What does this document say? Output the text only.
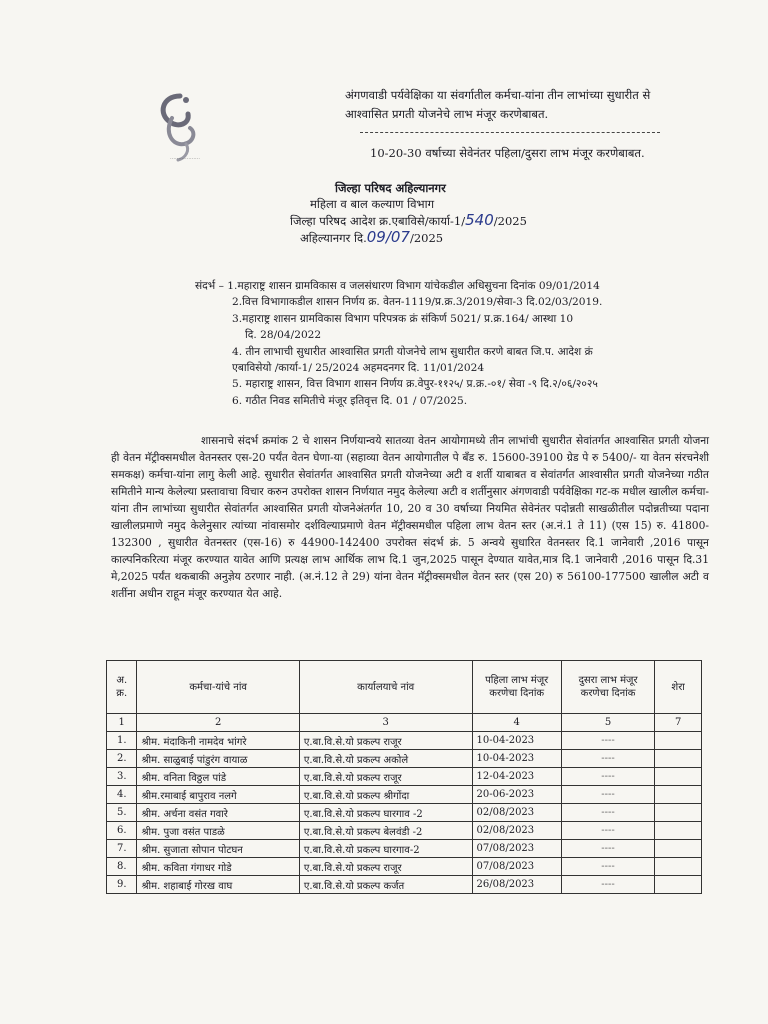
⋯⋯⋯⋯⋯⋯
अंगणवाडी पर्यवेक्षिका या संवर्गातील कर्मचा-यांना तीन लाभांच्या सुधारीत से
आश्वासित प्रगती योजनेचे लाभ मंजूर करणेबाबत.
10-20-30 वर्षाच्या सेवेनंतर पहिला/दुसरा लाभ मंजूर करणेबाबत.
जिल्हा परिषद अहिल्यानगर
महिला व बाल कल्याण विभाग
जिल्हा परिषद आदेश क्र.एबाविसे/कार्या-1/540/2025
अहिल्यानगर दि.09/07/2025
संदर्भ – 1.महाराष्ट्र शासन ग्रामविकास व जलसंधारण विभाग यांचेकडील अधिसुचना दिनांक 09/01/2014
2.वित्त विभागाकडील शासन निर्णय क्र. वेतन-1119/प्र.क्र.3/2019/सेवा-3 दि.02/03/2019.
3.महाराष्ट्र शासन ग्रामविकास विभाग परिपत्रक क्रं संकिर्ण 5021/ प्र.क्र.164/ आस्था 10
दि. 28/04/2022
4. तीन लाभाची सुधारीत आश्वासित प्रगती योजनेचे लाभ सुधारीत करणे बाबत जि.प. आदेश क्रं
एबाविसेयो /कार्या-1/ 25/2024 अहमदनगर दि. 11/01/2024
5. महाराष्ट्र शासन, वित्त विभाग शासन निर्णय क्र.वेपुर-११२५/ प्र.क्र.-०१/ सेवा -९ दि.२/०६/२०२५
6. गठीत निवड समितीचे मंजूर इतिवृत्त दि. 01 / 07/2025.
शासनाचे संदर्भ क्रमांक 2 चे शासन निर्णयान्वये सातव्या वेतन आयोगामध्ये तीन लाभांची सुधारीत सेवांतर्गत आश्वासित प्रगती योजना ही वेतन मॅट्रीक्समधील वेतनस्तर एस-20 पर्यंत वेतन घेणा-या (सहाव्या वेतन आयोगातील पे बँड रु. 15600-39100 ग्रेड पे रु 5400/- या वेतन संरचनेशी समकक्ष) कर्मचा-यांना लागु केली आहे. सुधारीत सेवांतर्गत आश्वासित प्रगती योजनेच्या अटी व शर्ती याबाबत व सेवांतर्गत आश्वासीत प्रगती योजनेच्या गठीत समितीने मान्य केलेल्या प्रस्तावाचा विचार करुन उपरोक्त शासन निर्णयात नमुद केलेल्या अटी व शर्तीनुसार अंगणवाडी पर्यवेक्षिका गट-क मधील खालील कर्मचा-यांना तीन लाभांच्या सुधारीत सेवांतर्गत आश्वासित प्रगती योजनेअंतर्गत 10, 20 व 30 वर्षाच्या नियमित सेवेनंतर पदोन्नती साखळीतील पदोन्नतीच्या पदाना खालीलप्रमाणे नमुद केलेनुसार त्यांच्या नांवासमोर दर्शविल्याप्रमाणे वेतन मॅट्रीक्समधील पहिला लाभ वेतन स्तर (अ.नं.1 ते 11) (एस 15) रु. 41800-132300 , सुधारीत वेतनस्तर (एस-16) रु 44900-142400 उपरोक्त संदर्भ क्रं. 5 अन्वये सुधारित वेतनस्तर दि.1 जानेवारी ,2016 पासून काल्पनिकरित्या मंजूर करण्यात यावेत आणि प्रत्यक्ष लाभ आर्थिक लाभ दि.1 जुन,2025 पासून देण्यात यावेत,मात्र दि.1 जानेवारी ,2016 पासून दि.31 मे,2025 पर्यंत थकबाकी अनुज्ञेय ठरणार नाही. (अ.नं.12 ते 29) यांना वेतन मॅट्रीक्समधील वेतन स्तर (एस 20) रु 56100-177500 खालील अटी व शर्तीना अधीन राहून मंजूर करण्यात येत आहे.
अ. क्र.	कर्मचा-यांचे नांव	कार्यालयाचे नांव	पहिला लाभ मंजूर करणेचा दिनांक	दुसरा लाभ मंजूर करणेचा दिनांक	शेरा
1	2	3	4	5	7
1.	श्रीम. मंदाकिनी नामदेव भांगरे	ए.बा.वि.से.यो प्रकल्प राजूर	10-04-2023	----	
2.	श्रीम. साळुबाई पांडुरंग वायाळ	ए.बा.वि.से.यो प्रकल्प अकोले	10-04-2023	----	
3.	श्रीम. वनिता विठ्ठल पांडे	ए.बा.वि.से.यो प्रकल्प राजूर	12-04-2023	----	
4.	श्रीम.रमाबाई बापुराव नलगे	ए.बा.वि.से.यो प्रकल्प श्रीगोंदा	20-06-2023	----	
5.	श्रीम. अर्चना वसंत गवारे	ए.बा.वि.से.यो प्रकल्प घारगाव -2	02/08/2023	----	
6.	श्रीम. पुजा वसंत पाडळे	ए.बा.वि.से.यो प्रकल्प बेलवंडी -2	02/08/2023	----	
7.	श्रीम. सुजाता सोपान पोटघन	ए.बा.वि.से.यो प्रकल्प घारगाव-2	07/08/2023	----	
8.	श्रीम. कविता गंगाधर गोडे	ए.बा.वि.से.यो प्रकल्प राजूर	07/08/2023	----	
9.	श्रीम. शहाबाई गोरख वाघ	ए.बा.वि.से.यो प्रकल्प कर्जत	26/08/2023	----	
